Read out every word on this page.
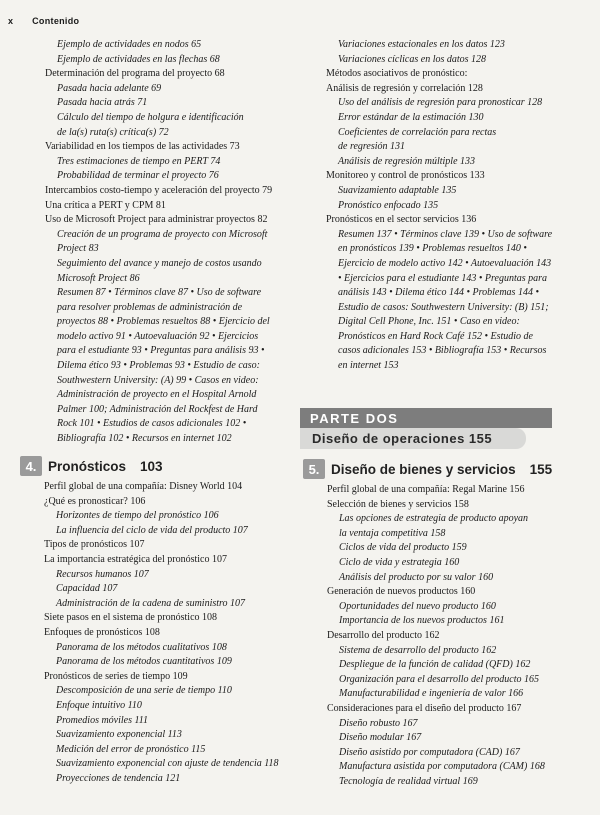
x Contenido
Ejemplo de actividades en nodos 65
Ejemplo de actividades en las flechas 68
Determinación del programa del proyecto 68
Pasada hacia adelante 69
Pasada hacia atrás 71
Cálculo del tiempo de holgura e identificación
de la(s) ruta(s) crítica(s) 72
Variabilidad en los tiempos de las actividades 73
Tres estimaciones de tiempo en PERT 74
Probabilidad de terminar el proyecto 76
Intercambios costo-tiempo y aceleración del proyecto 79
Una crítica a PERT y CPM 81
Uso de Microsoft Project para administrar proyectos 82
Creación de un programa de proyecto con Microsoft
Project 83
Seguimiento del avance y manejo de costos usando
Microsoft Project 86
Resumen 87 • Términos clave 87 • Uso de software
para resolver problemas de administración de
proyectos 88 • Problemas resueltos 88 • Ejercicio del
modelo activo 91 • Autoevaluación 92 • Ejercicios
para el estudiante 93 • Preguntas para análisis 93 •
Dilema ético 93 • Problemas 93 • Estudio de caso:
Southwestern University: (A) 99 • Casos en video:
Administración de proyecto en el Hospital Arnold
Palmer 100; Administración del Rockfest de Hard
Rock 101 • Estudios de casos adicionales 102 •
Bibliografía 102 • Recursos en internet 102
Variaciones estacionales en los datos 123
Variaciones cíclicas en los datos 128
Métodos asociativos de pronóstico:
Análisis de regresión y correlación 128
Uso del análisis de regresión para pronosticar 128
Error estándar de la estimación 130
Coeficientes de correlación para rectas
de regresión 131
Análisis de regresión múltiple 133
Monitoreo y control de pronósticos 133
Suavizamiento adaptable 135
Pronóstico enfocado 135
Pronósticos en el sector servicios 136
Resumen 137 • Términos clave 139 • Uso de software
en pronósticos 139 • Problemas resueltos 140 •
Ejercicio de modelo activo 142 • Autoevaluación 143
• Ejercicios para el estudiante 143 • Preguntas para
análisis 143 • Dilema ético 144 • Problemas 144 •
Estudio de casos: Southwestern University: (B) 151;
Digital Cell Phone, Inc. 151 • Caso en video:
Pronósticos en Hard Rock Café 152 • Estudio de
casos adicionales 153 • Bibliografía 153 • Recursos
en internet 153
PARTE DOS
Diseño de operaciones 155
4. Pronósticos 103
Perfil global de una compañía: Disney World 104
¿Qué es pronosticar? 106
Horizontes de tiempo del pronóstico 106
La influencia del ciclo de vida del producto 107
Tipos de pronósticos 107
La importancia estratégica del pronóstico 107
Recursos humanos 107
Capacidad 107
Administración de la cadena de suministro 107
Siete pasos en el sistema de pronóstico 108
Enfoques de pronósticos 108
Panorama de los métodos cualitativos 108
Panorama de los métodos cuantitativos 109
Pronósticos de series de tiempo 109
Descomposición de una serie de tiempo 110
Enfoque intuitivo 110
Promedios móviles 111
Suavizamiento exponencial 113
Medición del error de pronóstico 115
Suavizamiento exponencial con ajuste de tendencia 118
Proyecciones de tendencia 121
5. Diseño de bienes y servicios 155
Perfil global de una compañía: Regal Marine 156
Selección de bienes y servicios 158
Las opciones de estrategia de producto apoyan
la ventaja competitiva 158
Ciclos de vida del producto 159
Ciclo de vida y estrategia 160
Análisis del producto por su valor 160
Generación de nuevos productos 160
Oportunidades del nuevo producto 160
Importancia de los nuevos productos 161
Desarrollo del producto 162
Sistema de desarrollo del producto 162
Despliegue de la función de calidad (QFD) 162
Organización para el desarrollo del producto 165
Manufacturabilidad e ingeniería de valor 166
Consideraciones para el diseño del producto 167
Diseño robusto 167
Diseño modular 167
Diseño asistido por computadora (CAD) 167
Manufactura asistida por computadora (CAM) 168
Tecnología de realidad virtual 169
